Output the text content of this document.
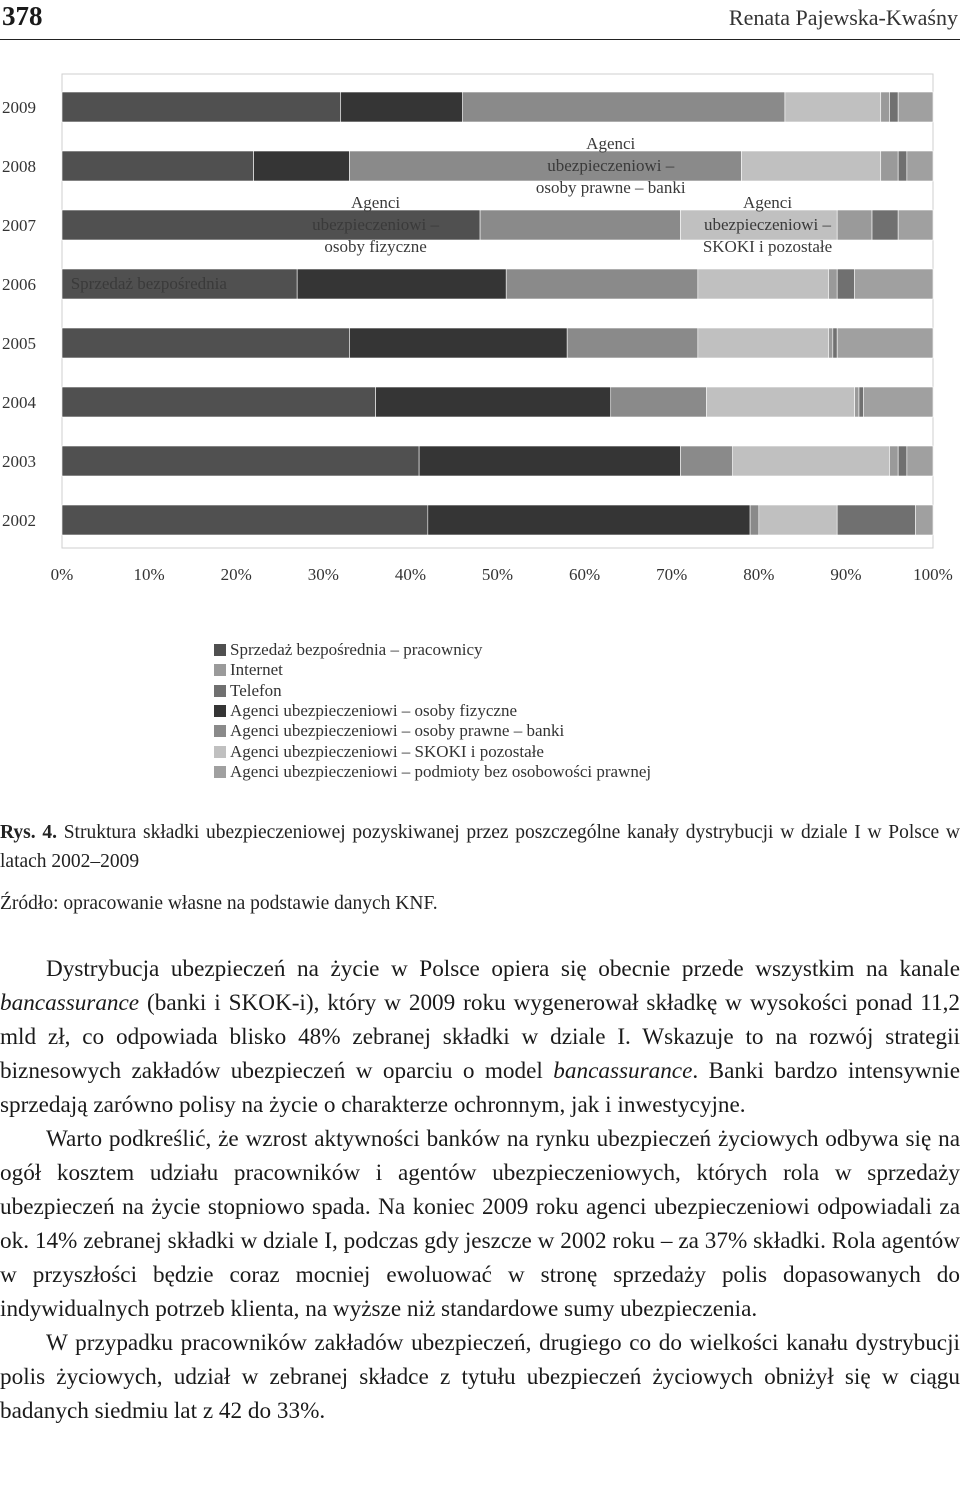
378	Renata Pajewska-Kwaśny
2009
2008
2007
2006
2005
2004
2003
2002
0%	10%	20%	30%	40%	50%	60%	70%	80%	90%	100%
Sprzedaż bezpośrednia
Agenci
ubezpieczeniowi –
osoby fizyczne
Agenci
ubezpieczeniowi –
osoby prawne – banki
Agenci
ubezpieczeniowi –
SKOKI i pozostałe
Sprzedaż bezpośrednia – pracownicy
Internet
Telefon
Agenci ubezpieczeniowi – osoby fizyczne
Agenci ubezpieczeniowi – osoby prawne – banki
Agenci ubezpieczeniowi – SKOKI i pozostałe
Agenci ubezpieczeniowi – podmioty bez osobowości prawnej

Rys. 4. Struktura składki ubezpieczeniowej pozyskiwanej przez poszczególne kanały dystrybucji w dziale I w Polsce w latach 2002–2009

Źródło: opracowanie własne na podstawie danych KNF.

Dystrybucja ubezpieczeń na życie w Polsce opiera się obecnie przede wszystkim na kanale bancassurance (banki i SKOK-i), który w 2009 roku wygenerował składkę w wysokości ponad 11,2 mld zł, co odpowiada blisko 48% zebranej składki w dziale I. Wskazuje to na rozwój strategii biznesowych zakładów ubezpieczeń w oparciu o model bancassurance. Banki bardzo intensywnie sprzedają zarówno polisy na życie o charakterze ochronnym, jak i inwestycyjne.

Warto podkreślić, że wzrost aktywności banków na rynku ubezpieczeń życiowych odbywa się na ogół kosztem udziału pracowników i agentów ubezpieczeniowych, których rola w sprzedaży ubezpieczeń na życie stopniowo spada. Na koniec 2009 roku agenci ubezpieczeniowi odpowiadali za ok. 14% zebranej składki w dziale I, podczas gdy jeszcze w 2002 roku – za 37% składki. Rola agentów w przyszłości będzie coraz mocniej ewoluować w stronę sprzedaży polis dopasowanych do indywidualnych potrzeb klienta, na wyższe niż standardowe sumy ubezpieczenia.

W przypadku pracowników zakładów ubezpieczeń, drugiego co do wielkości kanału dystrybucji polis życiowych, udział w zebranej składce z tytułu ubezpieczeń życiowych obniżył się w ciągu badanych siedmiu lat z 42 do 33%.
